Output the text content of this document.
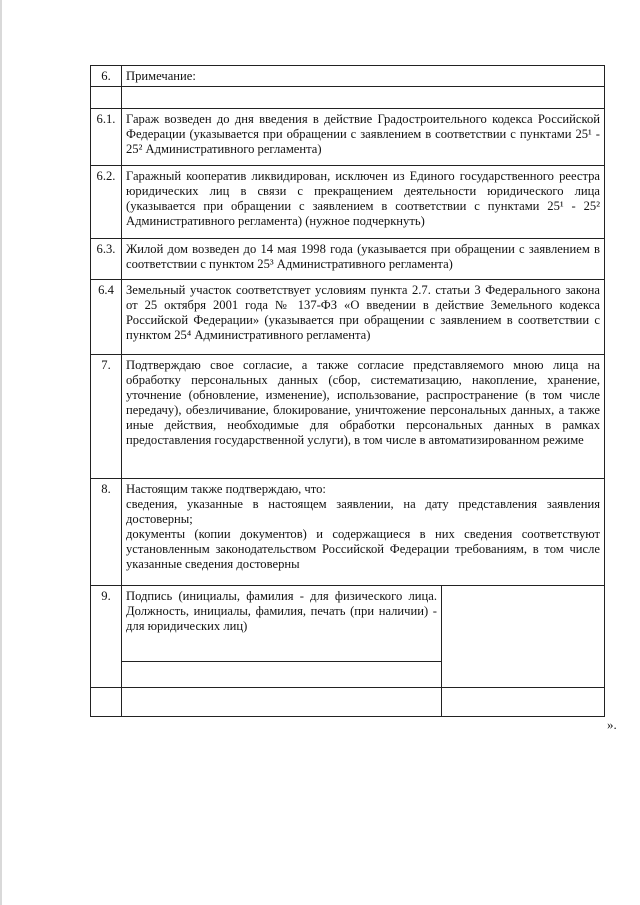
6.	Примечание:	

6.1.	Гараж возведен до дня введения в действие Градостроительного кодекса Российской Федерации (указывается при обращении с заявлением в соответствии с пунктами 25¹ - 25² Административного регламента)	
6.2.	Гаражный кооператив ликвидирован, исключен из Единого государственного реестра юридических лиц в связи с прекращением деятельности юридического лица (указывается при обращении с заявлением в соответствии с пунктами 25¹ - 25² Административного регламента) (нужное подчеркнуть)	
6.3.	Жилой дом возведен до 14 мая 1998 года (указывается при обращении с заявлением в соответствии с пунктом 25³ Административного регламента)	
6.4	Земельный участок соответствует условиям пункта 2.7. статьи 3 Федерального закона от 25 октября 2001 года № 137-ФЗ «О введении в действие Земельного кодекса Российской Федерации» (указывается при обращении с заявлением в соответствии с пунктом 25⁴ Административного регламента)	
7.	Подтверждаю свое согласие, а также согласие представляемого мною лица на обработку персональных данных (сбор, систематизацию, накопление, хранение, уточнение (обновление, изменение), использование, распространение (в том числе передачу), обезличивание, блокирование, уничтожение персональных данных, а также иные действия, необходимые для обработки персональных данных в рамках предоставления государственной услуги), в том числе в автоматизированном режиме	
8.	Настоящим также подтверждаю, что:
сведения, указанные в настоящем заявлении, на дату представления заявления достоверны;
документы (копии документов) и содержащиеся в них сведения соответствуют установленным законодательством Российской Федерации требованиям, в том числе указанные сведения достоверны	

9.	Подпись (инициалы, фамилия - для физического лица. Должность, инициалы, фамилия, печать (при наличии) - для юридических лиц)	

».
